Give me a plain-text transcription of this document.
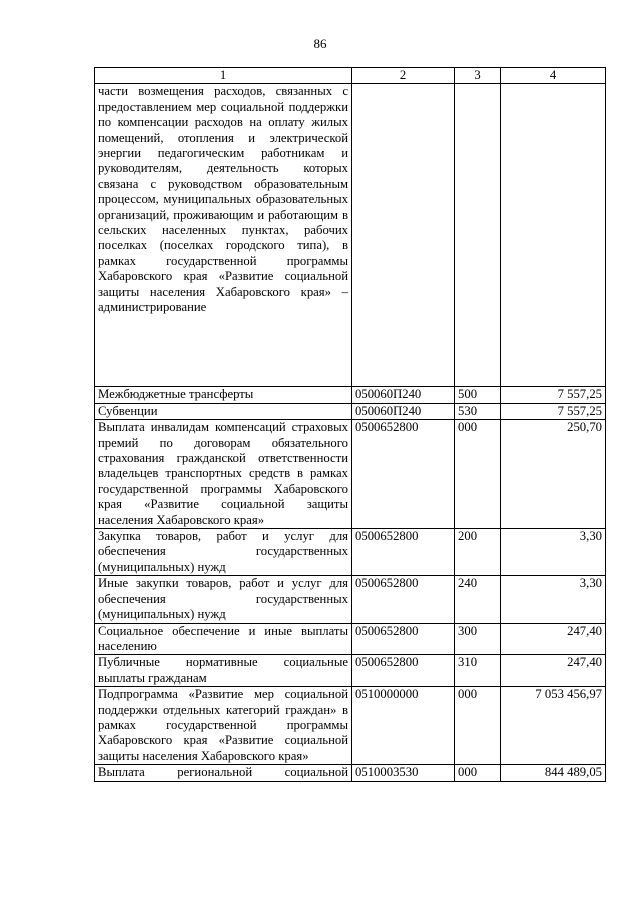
86
1	2	3	4
части возмещения расходов, связанных с предоставлением мер социальной поддержки по компенсации расходов на оплату жилых помещений, отопления и электрической энергии педагогическим работникам и руководителям, деятельность которых связана с руководством образовательным процессом, муниципальных образовательных организаций, проживающим и работающим в сельских населенных пунктах, рабочих поселках (поселках городского типа), в рамках государственной программы Хабаровского края «Развитие социальной защиты населения Хабаровского края» – администрирование			
Межбюджетные трансферты	050060П240	500	7 557,25
Субвенции	050060П240	530	7 557,25
Выплата инвалидам компенсаций страховых премий по договорам обязательного страхования гражданской ответственности владельцев транспортных средств в рамках государственной программы Хабаровского края «Развитие социальной защиты населения Хабаровского края»	0500652800	000	250,70
Закупка товаров, работ и услуг для обеспечения государственных (муниципальных) нужд	0500652800	200	3,30
Иные закупки товаров, работ и услуг для обеспечения государственных (муниципальных) нужд	0500652800	240	3,30
Социальное обеспечение и иные выплаты населению	0500652800	300	247,40
Публичные нормативные социальные выплаты гражданам	0500652800	310	247,40
Подпрограмма «Развитие мер социальной поддержки отдельных категорий граждан» в рамках государственной программы Хабаровского края «Развитие социальной защиты населения Хабаровского края»	0510000000	000	7 053 456,97
Выплата региональной социальной	0510003530	000	844 489,05
